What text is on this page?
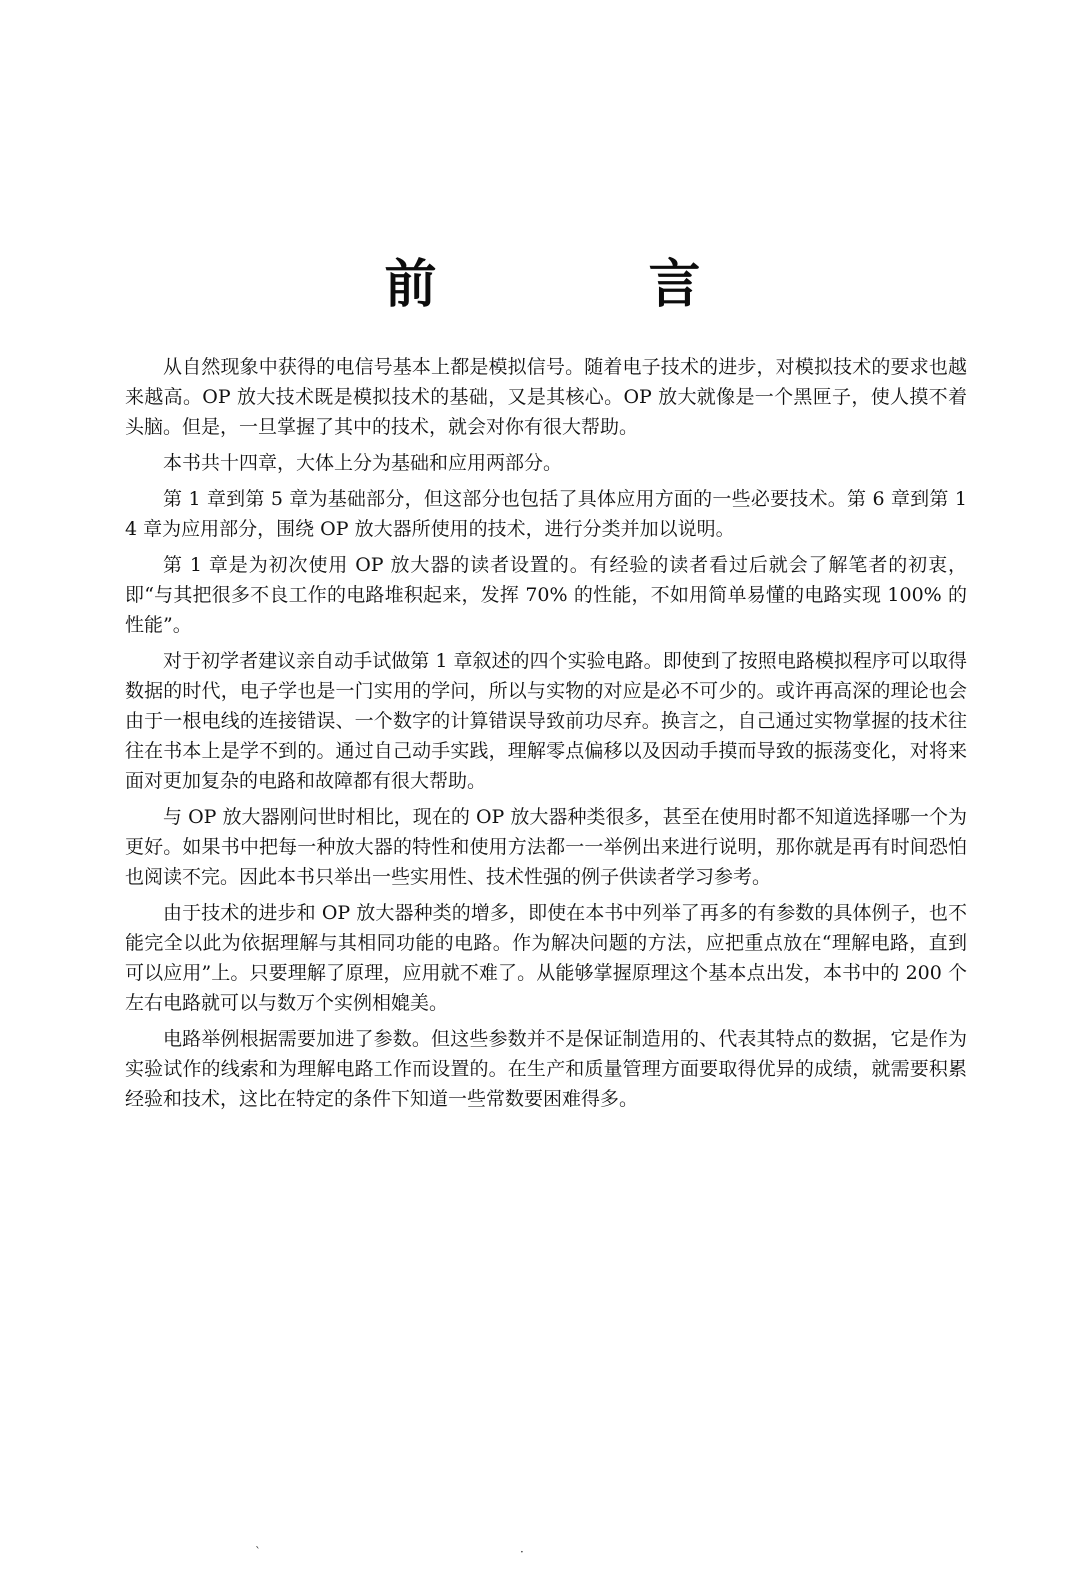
前　言

从自然现象中获得的电信号基本上都是模拟信号。随着电子技术的进步，对模拟技术的要求也越来越高。OP 放大技术既是模拟技术的基础，又是其核心。OP 放大就像是一个黑匣子，使人摸不着头脑。但是，一旦掌握了其中的技术，就会对你有很大帮助。

本书共十四章，大体上分为基础和应用两部分。

第 1 章到第 5 章为基础部分，但这部分也包括了具体应用方面的一些必要技术。第 6 章到第 14 章为应用部分，围绕 OP 放大器所使用的技术，进行分类并加以说明。

第 1 章是为初次使用 OP 放大器的读者设置的。有经验的读者看过后就会了解笔者的初衷，即“与其把很多不良工作的电路堆积起来，发挥 70% 的性能，不如用简单易懂的电路实现 100% 的性能”。

对于初学者建议亲自动手试做第 1 章叙述的四个实验电路。即使到了按照电路模拟程序可以取得数据的时代，电子学也是一门实用的学问，所以与实物的对应是必不可少的。或许再高深的理论也会由于一根电线的连接错误、一个数字的计算错误导致前功尽弃。换言之，自己通过实物掌握的技术往往在书本上是学不到的。通过自己动手实践，理解零点偏移以及因动手摸而导致的振荡变化，对将来面对更加复杂的电路和故障都有很大帮助。

与 OP 放大器刚问世时相比，现在的 OP 放大器种类很多，甚至在使用时都不知道选择哪一个为更好。如果书中把每一种放大器的特性和使用方法都一一举例出来进行说明，那你就是再有时间恐怕也阅读不完。因此本书只举出一些实用性、技术性强的例子供读者学习参考。

由于技术的进步和 OP 放大器种类的增多，即使在本书中列举了再多的有参数的具体例子，也不能完全以此为依据理解与其相同功能的电路。作为解决问题的方法，应把重点放在“理解电路，直到可以应用”上。只要理解了原理，应用就不难了。从能够掌握原理这个基本点出发，本书中的 200 个左右电路就可以与数万个实例相媲美。

电路举例根据需要加进了参数。但这些参数并不是保证制造用的、代表其特点的数据，它是作为实验试作的线索和为理解电路工作而设置的。在生产和质量管理方面要取得优异的成绩，就需要积累经验和技术，这比在特定的条件下知道一些常数要困难得多。

`	·
